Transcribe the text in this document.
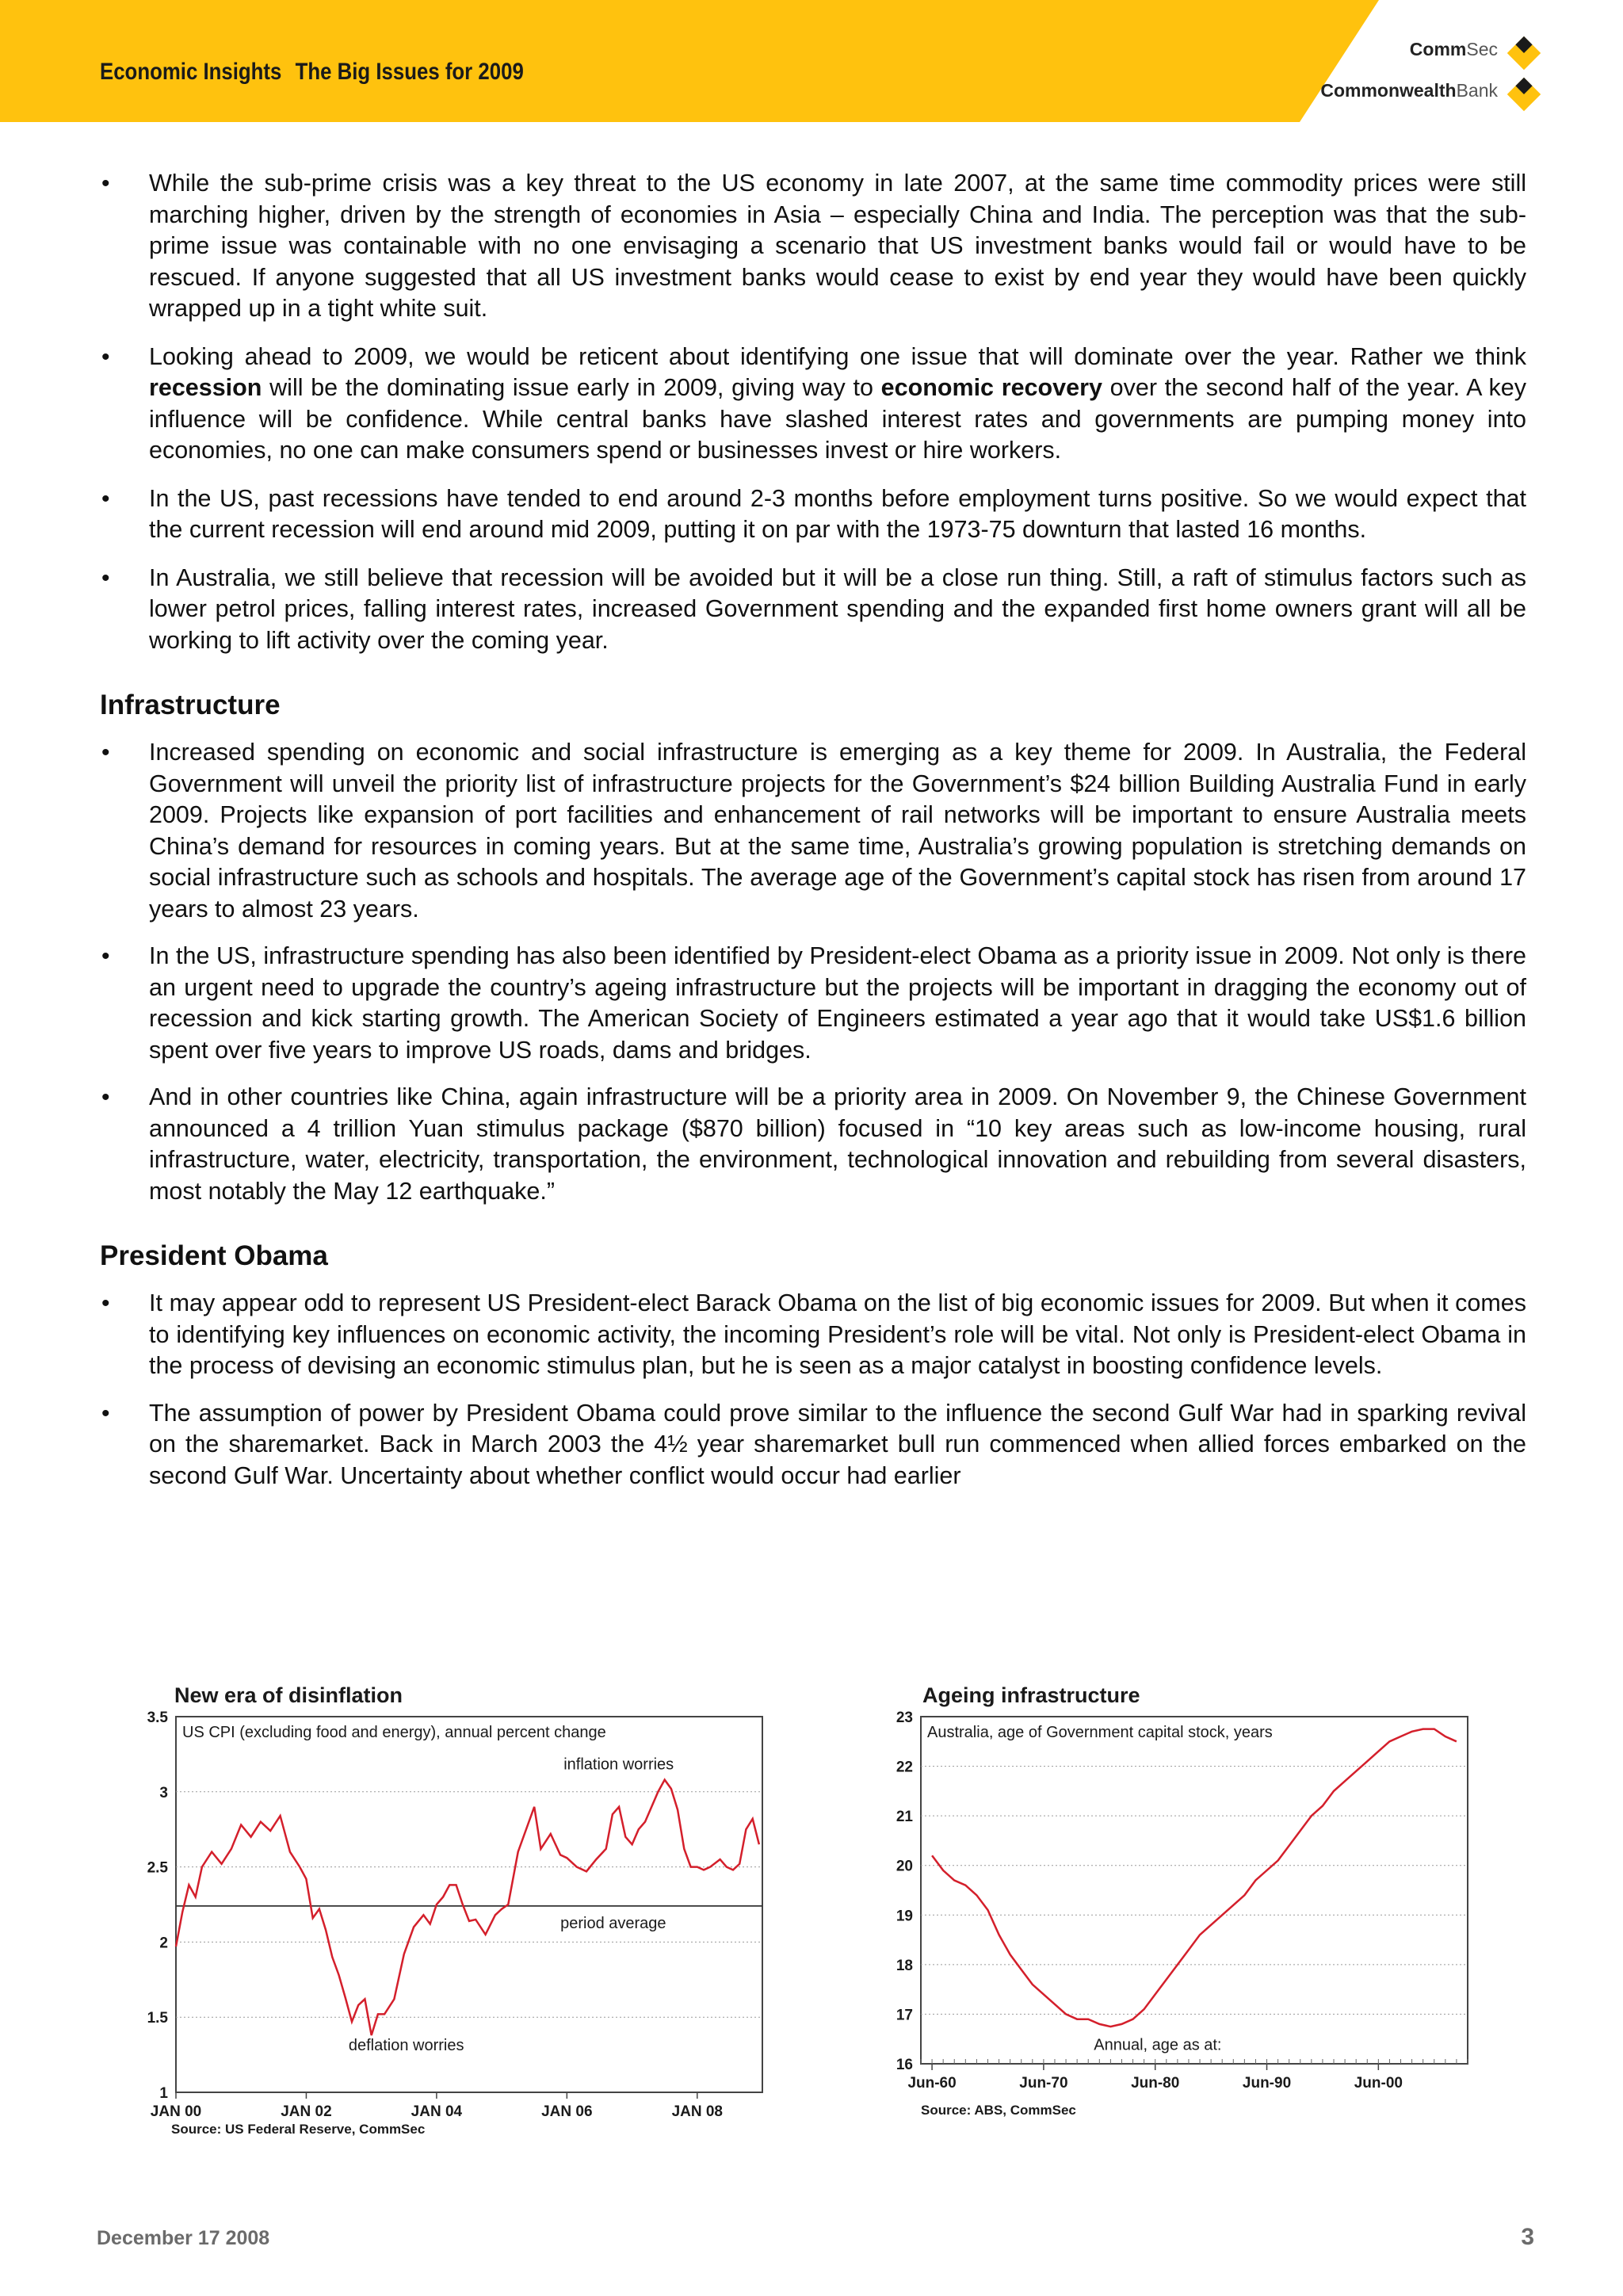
Economic Insights The Big Issues for 2009
CommSec
CommonwealthBank
• While the sub-prime crisis was a key threat to the US economy in late 2007, at the same time commodity prices were still marching higher, driven by the strength of economies in Asia – especially China and India. The perception was that the sub-prime issue was containable with no one envisaging a scenario that US investment banks would fail or would have to be rescued. If anyone suggested that all US investment banks would cease to exist by end year they would have been quickly wrapped up in a tight white suit.
• Looking ahead to 2009, we would be reticent about identifying one issue that will dominate over the year. Rather we think recession will be the dominating issue early in 2009, giving way to economic recovery over the second half of the year. A key influence will be confidence. While central banks have slashed interest rates and governments are pumping money into economies, no one can make consumers spend or businesses invest or hire workers.
• In the US, past recessions have tended to end around 2-3 months before employment turns positive. So we would expect that the current recession will end around mid 2009, putting it on par with the 1973-75 downturn that lasted 16 months.
• In Australia, we still believe that recession will be avoided but it will be a close run thing. Still, a raft of stimulus factors such as lower petrol prices, falling interest rates, increased Government spending and the expanded first home owners grant will all be working to lift activity over the coming year.
Infrastructure
• Increased spending on economic and social infrastructure is emerging as a key theme for 2009. In Australia, the Federal Government will unveil the priority list of infrastructure projects for the Government’s $24 billion Building Australia Fund in early 2009. Projects like expansion of port facilities and enhancement of rail networks will be important to ensure Australia meets China’s demand for resources in coming years. But at the same time, Australia’s growing population is stretching demands on social infrastructure such as schools and hospitals. The average age of the Government’s capital stock has risen from around 17 years to almost 23 years.
• In the US, infrastructure spending has also been identified by President-elect Obama as a priority issue in 2009. Not only is there an urgent need to upgrade the country’s ageing infrastructure but the projects will be important in dragging the economy out of recession and kick starting growth. The American Society of Engineers estimated a year ago that it would take US$1.6 billion spent over five years to improve US roads, dams and bridges.
• And in other countries like China, again infrastructure will be a priority area in 2009. On November 9, the Chinese Government announced a 4 trillion Yuan stimulus package ($870 billion) focused in “10 key areas such as low-income housing, rural infrastructure, water, electricity, transportation, the environment, technological innovation and rebuilding from several disasters, most notably the May 12 earthquake.”
President Obama
• It may appear odd to represent US President-elect Barack Obama on the list of big economic issues for 2009. But when it comes to identifying key influences on economic activity, the incoming President’s role will be vital. Not only is President-elect Obama in the process of devising an economic stimulus plan, but he is seen as a major catalyst in boosting confidence levels.
• The assumption of power by President Obama could prove similar to the influence the second Gulf War had in sparking revival on the sharemarket. Back in March 2003 the 4½ year sharemarket bull run commenced when allied forces embarked on the second Gulf War. Uncertainty about whether conflict would occur had earlier
New era of disinflation
US CPI (excluding food and energy), annual percent change
1
1.5
2
2.5
3
3.5
JAN 00	JAN 02	JAN 04	JAN 06	JAN 08
period average
inflation worries
deflation worries
Source: US Federal Reserve, CommSec
Ageing infrastructure
Australia, age of Government capital stock, years
16
17
18
19
20
21
22
23
Jun-60	Jun-70	Jun-80	Jun-90	Jun-00
Annual, age as at:
Source: ABS, CommSec
December 17 2008	3
